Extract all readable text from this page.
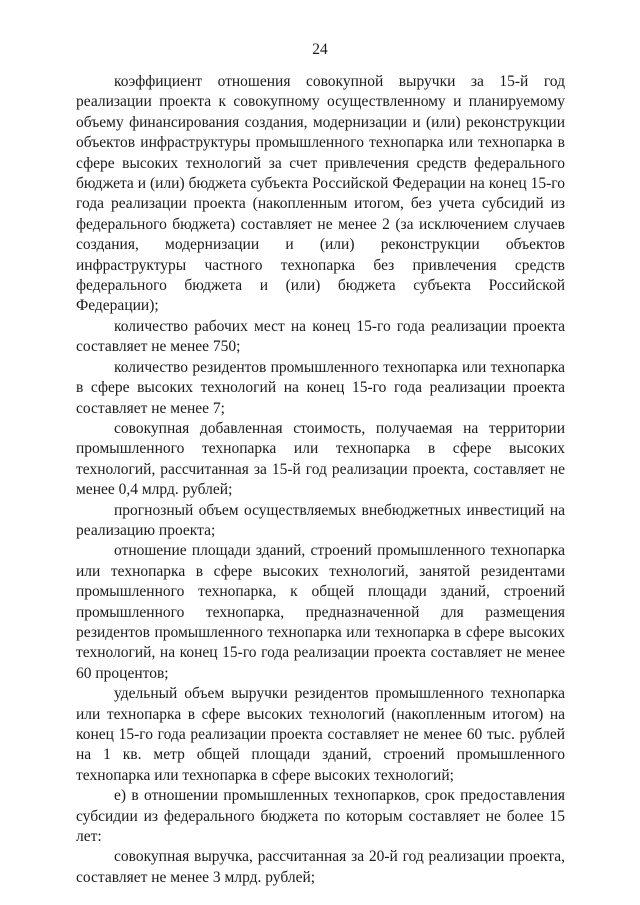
24

коэффициент отношения совокупной выручки за 15-й год реализации проекта к совокупному осуществленному и планируемому объему финансирования создания, модернизации и (или) реконструкции объектов инфраструктуры промышленного технопарка или технопарка в сфере высоких технологий за счет привлечения средств федерального бюджета и (или) бюджета субъекта Российской Федерации на конец 15-го года реализации проекта (накопленным итогом, без учета субсидий из федерального бюджета) составляет не менее 2 (за исключением случаев создания, модернизации и (или) реконструкции объектов инфраструктуры частного технопарка без привлечения средств федерального бюджета и (или) бюджета субъекта Российской Федерации);

количество рабочих мест на конец 15-го года реализации проекта составляет не менее 750;

количество резидентов промышленного технопарка или технопарка в сфере высоких технологий на конец 15-го года реализации проекта составляет не менее 7;

совокупная добавленная стоимость, получаемая на территории промышленного технопарка или технопарка в сфере высоких технологий, рассчитанная за 15-й год реализации проекта, составляет не менее 0,4 млрд. рублей;

прогнозный объем осуществляемых внебюджетных инвестиций на реализацию проекта;

отношение площади зданий, строений промышленного технопарка или технопарка в сфере высоких технологий, занятой резидентами промышленного технопарка, к общей площади зданий, строений промышленного технопарка, предназначенной для размещения резидентов промышленного технопарка или технопарка в сфере высоких технологий, на конец 15-го года реализации проекта составляет не менее 60 процентов;

удельный объем выручки резидентов промышленного технопарка или технопарка в сфере высоких технологий (накопленным итогом) на конец 15-го года реализации проекта составляет не менее 60 тыс. рублей на 1 кв. метр общей площади зданий, строений промышленного технопарка или технопарка в сфере высоких технологий;

е) в отношении промышленных технопарков, срок предоставления субсидии из федерального бюджета по которым составляет не более 15 лет:

совокупная выручка, рассчитанная за 20-й год реализации проекта, составляет не менее 3 млрд. рублей;
